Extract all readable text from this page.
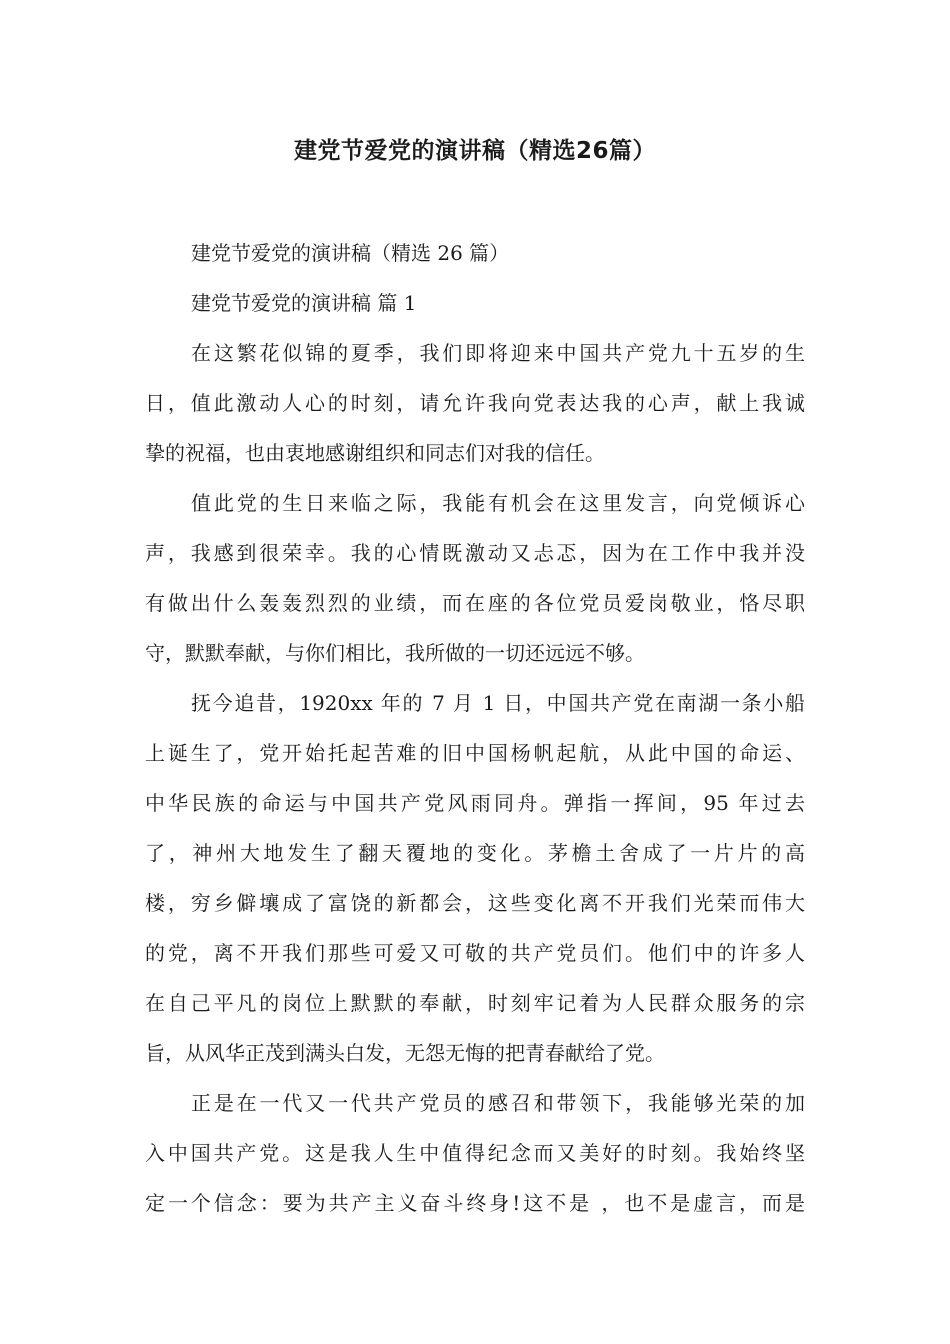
建党节爱党的演讲稿（精选26篇）
建党节爱党的演讲稿（精选 26 篇）
建党节爱党的演讲稿 篇 1
在这繁花似锦的夏季，我们即将迎来中国共产党九十五岁的生
日，值此激动人心的时刻，请允许我向党表达我的心声，献上我诚
挚的祝福，也由衷地感谢组织和同志们对我的信任。
值此党的生日来临之际，我能有机会在这里发言，向党倾诉心
声，我感到很荣幸。我的心情既激动又忐忑，因为在工作中我并没
有做出什么轰轰烈烈的业绩，而在座的各位党员爱岗敬业，恪尽职
守，默默奉献，与你们相比，我所做的一切还远远不够。
抚今追昔，1920xx 年的 7 月 1 日，中国共产党在南湖一条小船
上诞生了，党开始托起苦难的旧中国杨帆起航，从此中国的命运、
中华民族的命运与中国共产党风雨同舟。弹指一挥间，95 年过去
了，神州大地发生了翻天覆地的变化。茅檐土舍成了一片片的高
楼，穷乡僻壤成了富饶的新都会，这些变化离不开我们光荣而伟大
的党，离不开我们那些可爱又可敬的共产党员们。他们中的许多人
在自己平凡的岗位上默默的奉献，时刻牢记着为人民群众服务的宗
旨，从风华正茂到满头白发，无怨无悔的把青春献给了党。
正是在一代又一代共产党员的感召和带领下，我能够光荣的加
入中国共产党。这是我人生中值得纪念而又美好的时刻。我始终坚
定一个信念：要为共产主义奋斗终身!这不是 ，也不是虚言，而是
